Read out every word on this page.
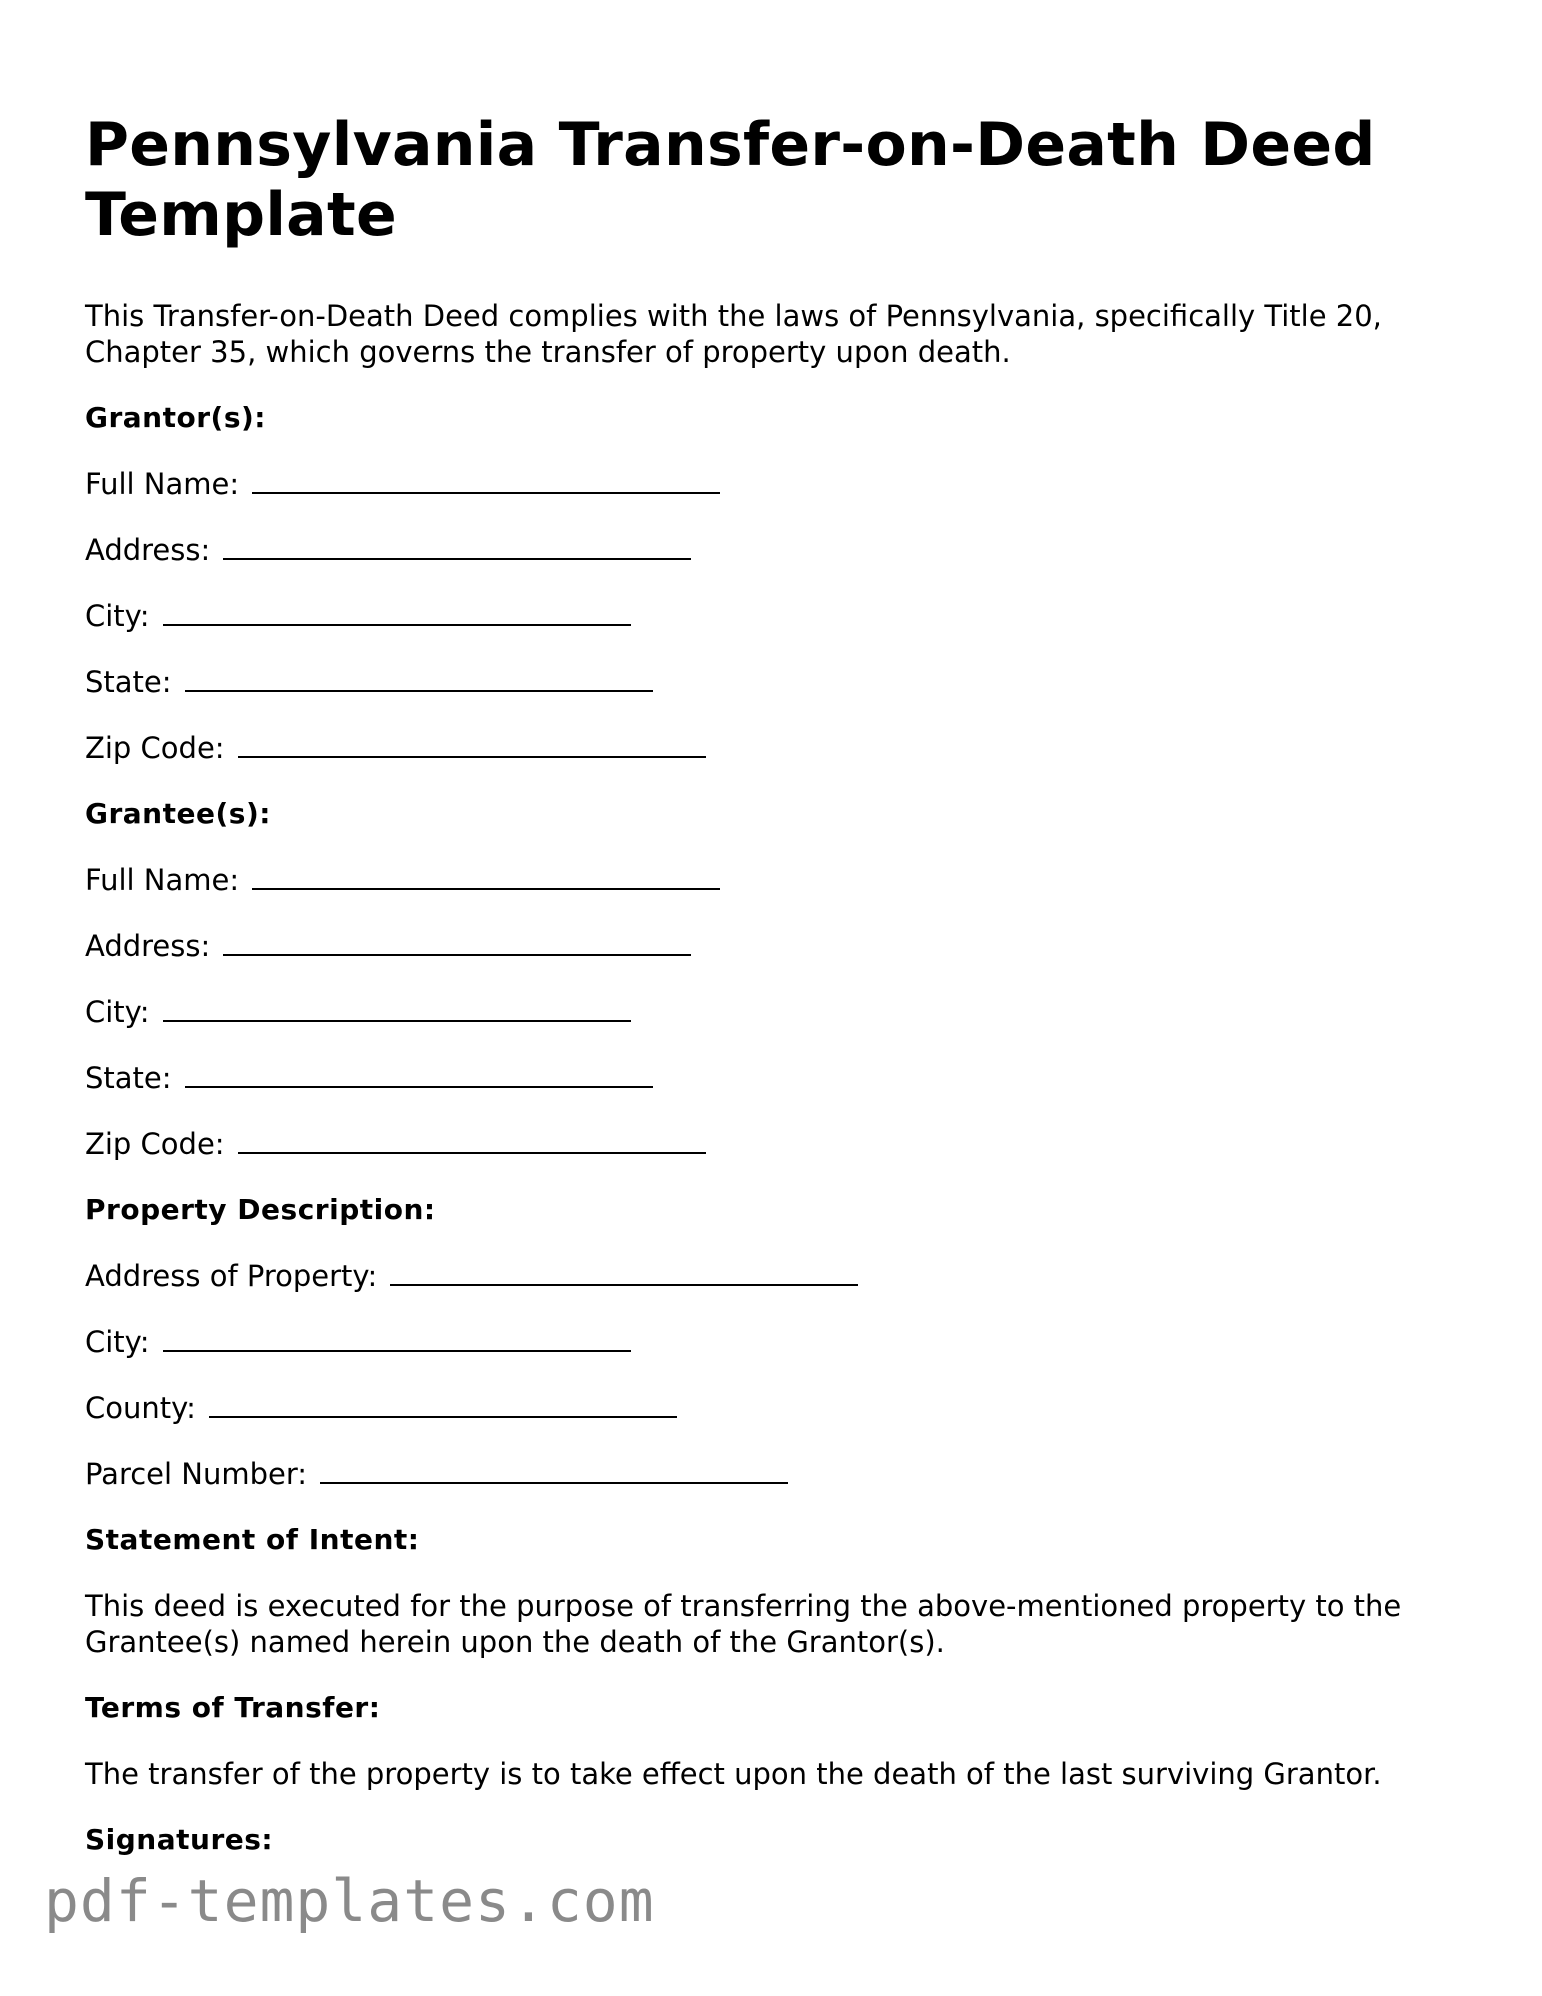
Pennsylvania Transfer-on-Death Deed Template

This Transfer-on-Death Deed complies with the laws of Pennsylvania, specifically Title 20, Chapter 35, which governs the transfer of property upon death.

Grantor(s):
Full Name:
Address:
City:
State:
Zip Code:
Grantee(s):
Full Name:
Address:
City:
State:
Zip Code:
Property Description:
Address of Property:
City:
County:
Parcel Number:
Statement of Intent:

This deed is executed for the purpose of transferring the above-mentioned property to the Grantee(s) named herein upon the death of the Grantor(s).

Terms of Transfer:

The transfer of the property is to take effect upon the death of the last surviving Grantor.

Signatures:
pdf-templates.com
